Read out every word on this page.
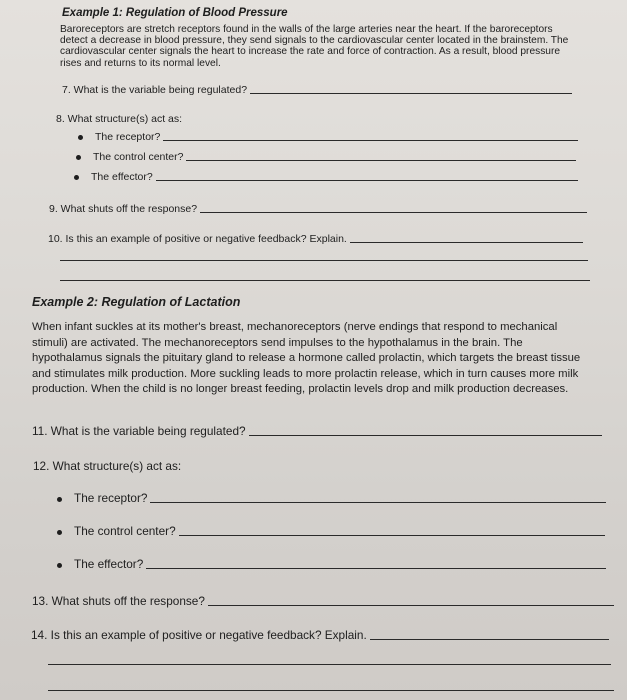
Example 1: Regulation of Blood Pressure
Baroreceptors are stretch receptors found in the walls of the large arteries near the heart. If the baroreceptors detect a decrease in blood pressure, they send signals to the cardiovascular center located in the brainstem. The cardiovascular center signals the heart to increase the rate and force of contraction. As a result, blood pressure rises and returns to its normal level.
7. What is the variable being regulated?
8. What structure(s) act as:
The receptor?
The control center?
The effector?
9. What shuts off the response?
10. Is this an example of positive or negative feedback? Explain.
Example 2: Regulation of Lactation
When infant suckles at its mother's breast, mechanoreceptors (nerve endings that respond to mechanical stimuli) are activated. The mechanoreceptors send impulses to the hypothalamus in the brain. The hypothalamus signals the pituitary gland to release a hormone called prolactin, which targets the breast tissue and stimulates milk production. More suckling leads to more prolactin release, which in turn causes more milk production. When the child is no longer breast feeding, prolactin levels drop and milk production decreases.
11. What is the variable being regulated?
12. What structure(s) act as:
The receptor?
The control center?
The effector?
13. What shuts off the response?
14. Is this an example of positive or negative feedback? Explain.
